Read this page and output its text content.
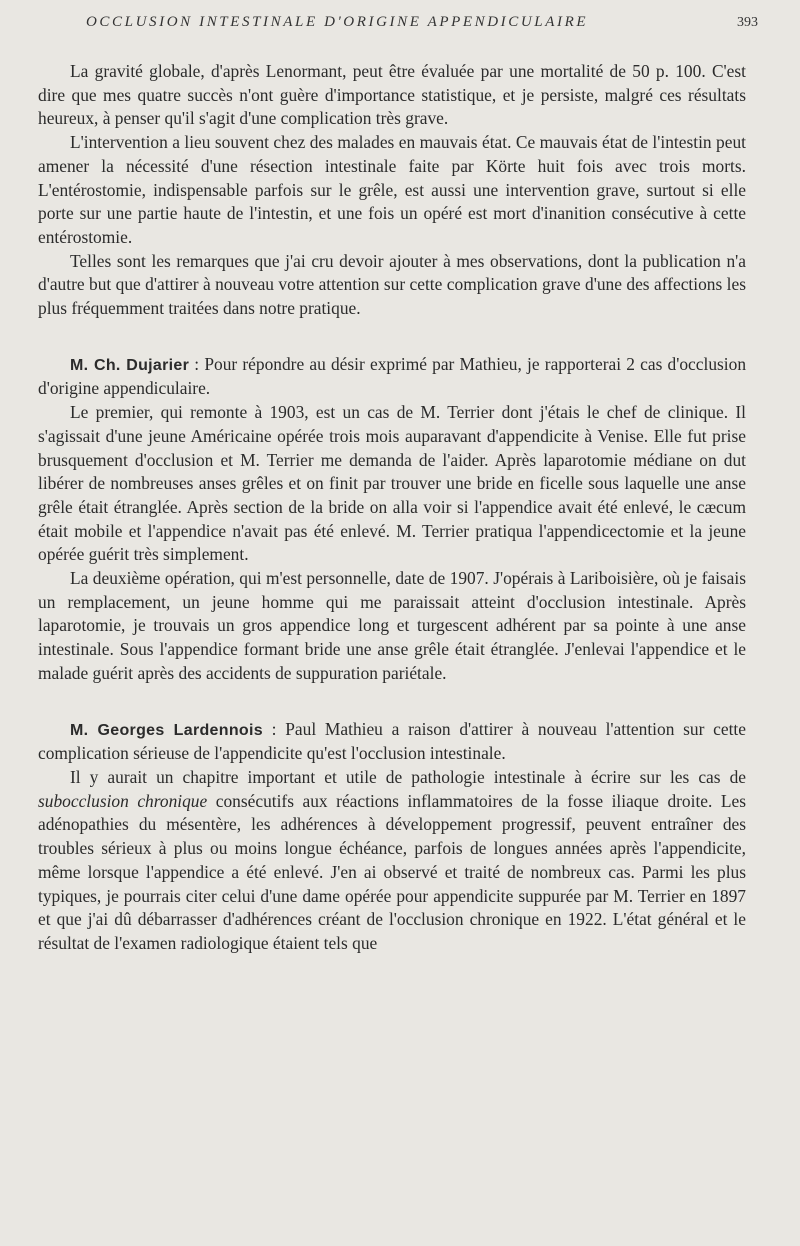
OCCLUSION INTESTINALE D'ORIGINE APPENDICULAIRE	393

La gravité globale, d'après Lenormant, peut être évaluée par une mortalité de 50 p. 100. C'est dire que mes quatre succès n'ont guère d'importance statistique, et je persiste, malgré ces résultats heureux, à penser qu'il s'agit d'une complication très grave.

L'intervention a lieu souvent chez des malades en mauvais état. Ce mauvais état de l'intestin peut amener la nécessité d'une résection intestinale faite par Körte huit fois avec trois morts. L'entérostomie, indispensable parfois sur le grêle, est aussi une intervention grave, surtout si elle porte sur une partie haute de l'intestin, et une fois un opéré est mort d'inanition consécutive à cette entérostomie.

Telles sont les remarques que j'ai cru devoir ajouter à mes observations, dont la publication n'a d'autre but que d'attirer à nouveau votre attention sur cette complication grave d'une des affections les plus fréquemment traitées dans notre pratique.

M. Ch. Dujarier : Pour répondre au désir exprimé par Mathieu, je rapporterai 2 cas d'occlusion d'origine appendiculaire.

Le premier, qui remonte à 1903, est un cas de M. Terrier dont j'étais le chef de clinique. Il s'agissait d'une jeune Américaine opérée trois mois auparavant d'appendicite à Venise. Elle fut prise brusquement d'occlusion et M. Terrier me demanda de l'aider. Après laparotomie médiane on dut libérer de nombreuses anses grêles et on finit par trouver une bride en ficelle sous laquelle une anse grêle était étranglée. Après section de la bride on alla voir si l'appendice avait été enlevé, le cæcum était mobile et l'appendice n'avait pas été enlevé. M. Terrier pratiqua l'appendicectomie et la jeune opérée guérit très simplement.

La deuxième opération, qui m'est personnelle, date de 1907. J'opérais à Lariboisière, où je faisais un remplacement, un jeune homme qui me paraissait atteint d'occlusion intestinale. Après laparotomie, je trouvais un gros appendice long et turgescent adhérent par sa pointe à une anse intestinale. Sous l'appendice formant bride une anse grêle était étranglée. J'enlevai l'appendice et le malade guérit après des accidents de suppuration pariétale.

M. Georges Lardennois : Paul Mathieu a raison d'attirer à nouveau l'attention sur cette complication sérieuse de l'appendicite qu'est l'occlusion intestinale.

Il y aurait un chapitre important et utile de pathologie intestinale à écrire sur les cas de subocclusion chronique consécutifs aux réactions inflammatoires de la fosse iliaque droite. Les adénopathies du mésentère, les adhérences à développement progressif, peuvent entraîner des troubles sérieux à plus ou moins longue échéance, parfois de longues années après l'appendicite, même lorsque l'appendice a été enlevé. J'en ai observé et traité de nombreux cas. Parmi les plus typiques, je pourrais citer celui d'une dame opérée pour appendicite suppurée par M. Terrier en 1897 et que j'ai dû débarrasser d'adhérences créant de l'occlusion chronique en 1922. L'état général et le résultat de l'examen radiologique étaient tels que
